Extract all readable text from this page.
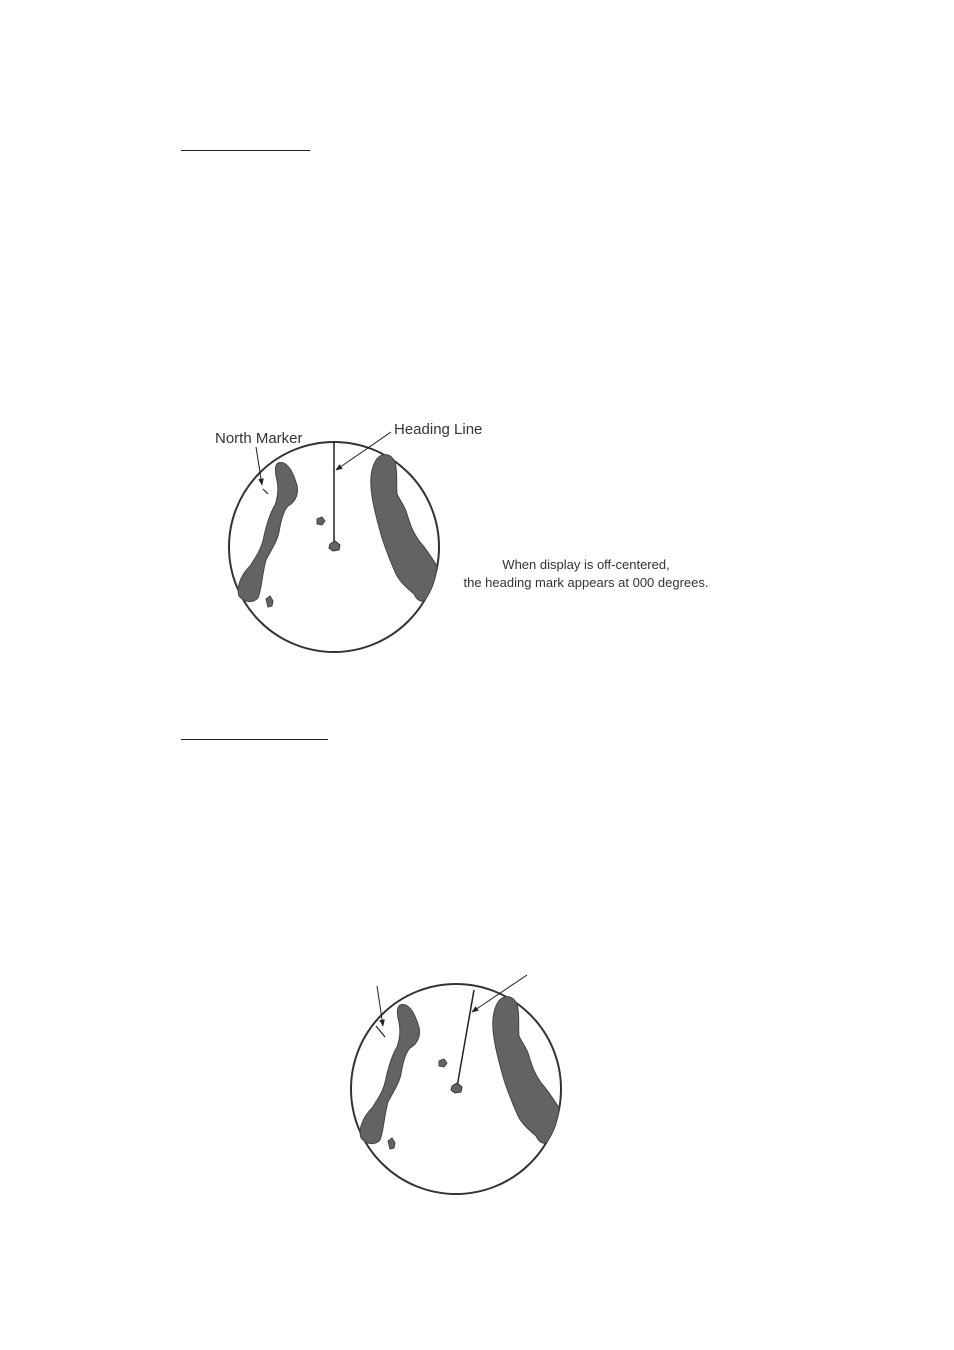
North Marker
Heading Line
When display is off-centered,
the heading mark appears at 000 degrees.
